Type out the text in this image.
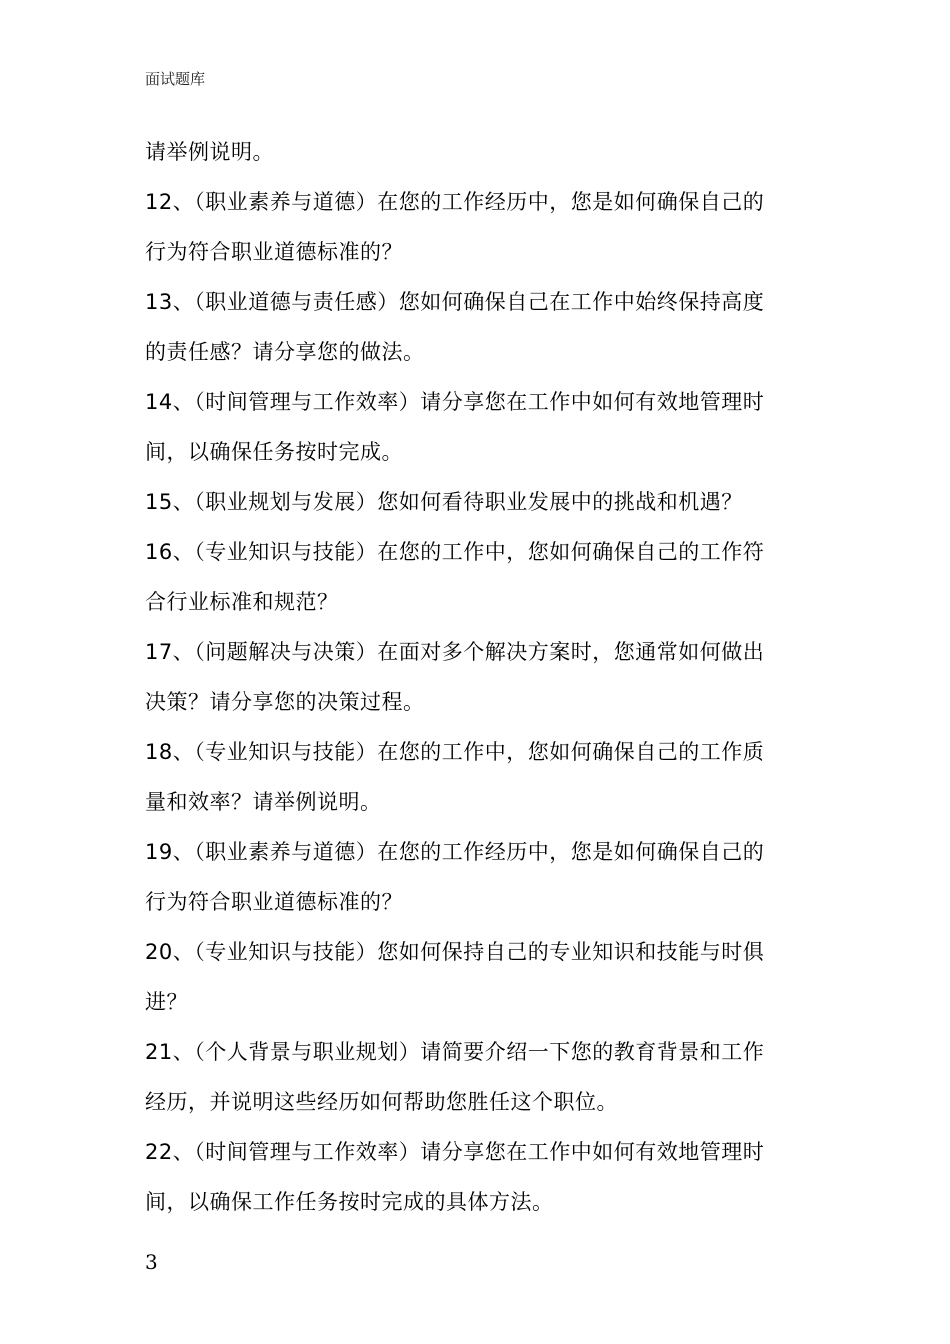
面试题库
请举例说明。
12、（职业素养与道德）在您的工作经历中，您是如何确保自己的
行为符合职业道德标准的？
13、（职业道德与责任感）您如何确保自己在工作中始终保持高度
的责任感？请分享您的做法。
14、（时间管理与工作效率）请分享您在工作中如何有效地管理时
间，以确保任务按时完成。
15、（职业规划与发展）您如何看待职业发展中的挑战和机遇？
16、（专业知识与技能）在您的工作中，您如何确保自己的工作符
合行业标准和规范？
17、（问题解决与决策）在面对多个解决方案时，您通常如何做出
决策？请分享您的决策过程。
18、（专业知识与技能）在您的工作中，您如何确保自己的工作质
量和效率？请举例说明。
19、（职业素养与道德）在您的工作经历中，您是如何确保自己的
行为符合职业道德标准的？
20、（专业知识与技能）您如何保持自己的专业知识和技能与时俱
进？
21、（个人背景与职业规划）请简要介绍一下您的教育背景和工作
经历，并说明这些经历如何帮助您胜任这个职位。
22、（时间管理与工作效率）请分享您在工作中如何有效地管理时
间，以确保工作任务按时完成的具体方法。
3
